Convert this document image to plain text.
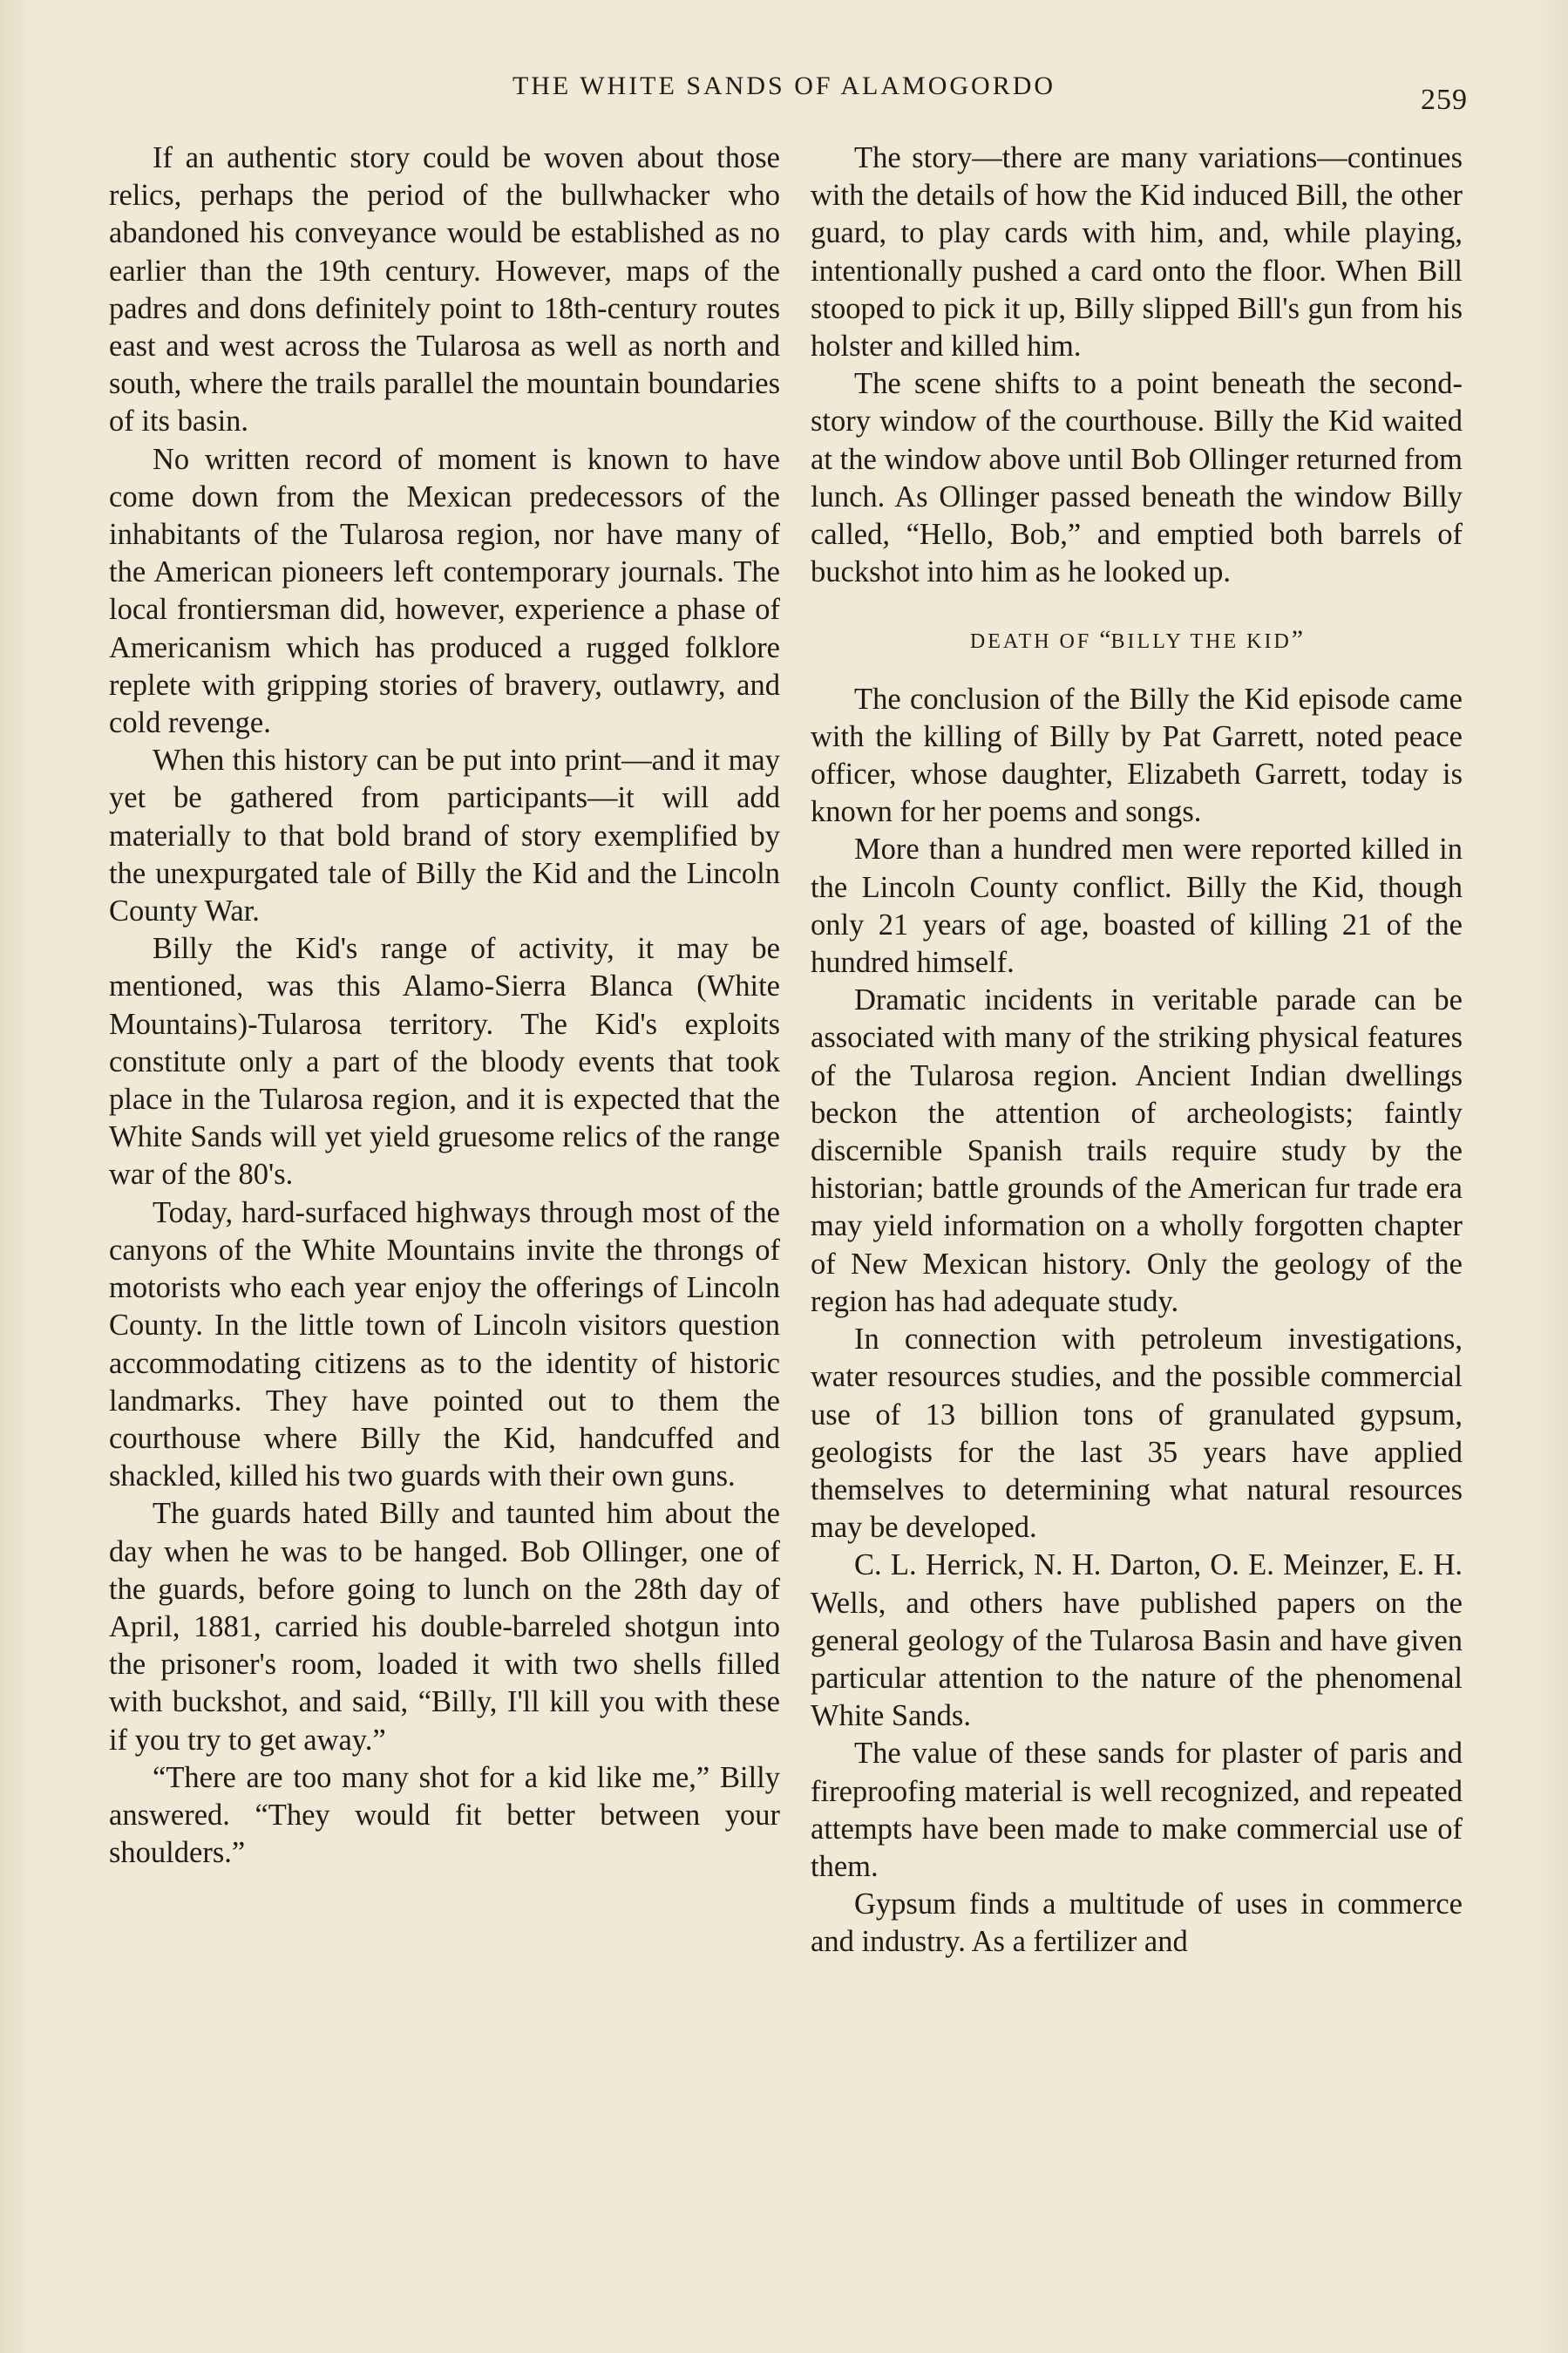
THE WHITE SANDS OF ALAMOGORDO	259

If an authentic story could be woven about those relics, perhaps the period of the bullwhacker who abandoned his conveyance would be established as no earlier than the 19th century. However, maps of the padres and dons definitely point to 18th-century routes east and west across the Tularosa as well as north and south, where the trails parallel the mountain boundaries of its basin.

No written record of moment is known to have come down from the Mexican predecessors of the inhabitants of the Tularosa region, nor have many of the American pioneers left contemporary journals. The local frontiersman did, however, experience a phase of Americanism which has produced a rugged folklore replete with gripping stories of bravery, outlawry, and cold revenge.

When this history can be put into print—and it may yet be gathered from participants—it will add materially to that bold brand of story exemplified by the unexpurgated tale of Billy the Kid and the Lincoln County War.

Billy the Kid's range of activity, it may be mentioned, was this Alamo-Sierra Blanca (White Mountains)-Tularosa territory. The Kid's exploits constitute only a part of the bloody events that took place in the Tularosa region, and it is expected that the White Sands will yet yield gruesome relics of the range war of the 80's.

Today, hard-surfaced highways through most of the canyons of the White Mountains invite the throngs of motorists who each year enjoy the offerings of Lincoln County. In the little town of Lincoln visitors question accommodating citizens as to the identity of historic landmarks. They have pointed out to them the courthouse where Billy the Kid, handcuffed and shackled, killed his two guards with their own guns.

The guards hated Billy and taunted him about the day when he was to be hanged. Bob Ollinger, one of the guards, before going to lunch on the 28th day of April, 1881, carried his double-barreled shotgun into the prisoner's room, loaded it with two shells filled with buckshot, and said, “Billy, I'll kill you with these if you try to get away.”

“There are too many shot for a kid like me,” Billy answered. “They would fit better between your shoulders.”

The story—there are many variations—continues with the details of how the Kid induced Bill, the other guard, to play cards with him, and, while playing, intentionally pushed a card onto the floor. When Bill stooped to pick it up, Billy slipped Bill's gun from his holster and killed him.

The scene shifts to a point beneath the second-story window of the courthouse. Billy the Kid waited at the window above until Bob Ollinger returned from lunch. As Ollinger passed beneath the window Billy called, “Hello, Bob,” and emptied both barrels of buckshot into him as he looked up.

DEATH OF “BILLY THE KID”

The conclusion of the Billy the Kid episode came with the killing of Billy by Pat Garrett, noted peace officer, whose daughter, Elizabeth Garrett, today is known for her poems and songs.

More than a hundred men were reported killed in the Lincoln County conflict. Billy the Kid, though only 21 years of age, boasted of killing 21 of the hundred himself.

Dramatic incidents in veritable parade can be associated with many of the striking physical features of the Tularosa region. Ancient Indian dwellings beckon the attention of archeologists; faintly discernible Spanish trails require study by the historian; battle grounds of the American fur trade era may yield information on a wholly forgotten chapter of New Mexican history. Only the geology of the region has had adequate study.

In connection with petroleum investigations, water resources studies, and the possible commercial use of 13 billion tons of granulated gypsum, geologists for the last 35 years have applied themselves to determining what natural resources may be developed.

C. L. Herrick, N. H. Darton, O. E. Meinzer, E. H. Wells, and others have published papers on the general geology of the Tularosa Basin and have given particular attention to the nature of the phenomenal White Sands.

The value of these sands for plaster of paris and fireproofing material is well recognized, and repeated attempts have been made to make commercial use of them.

Gypsum finds a multitude of uses in commerce and industry. As a fertilizer and
